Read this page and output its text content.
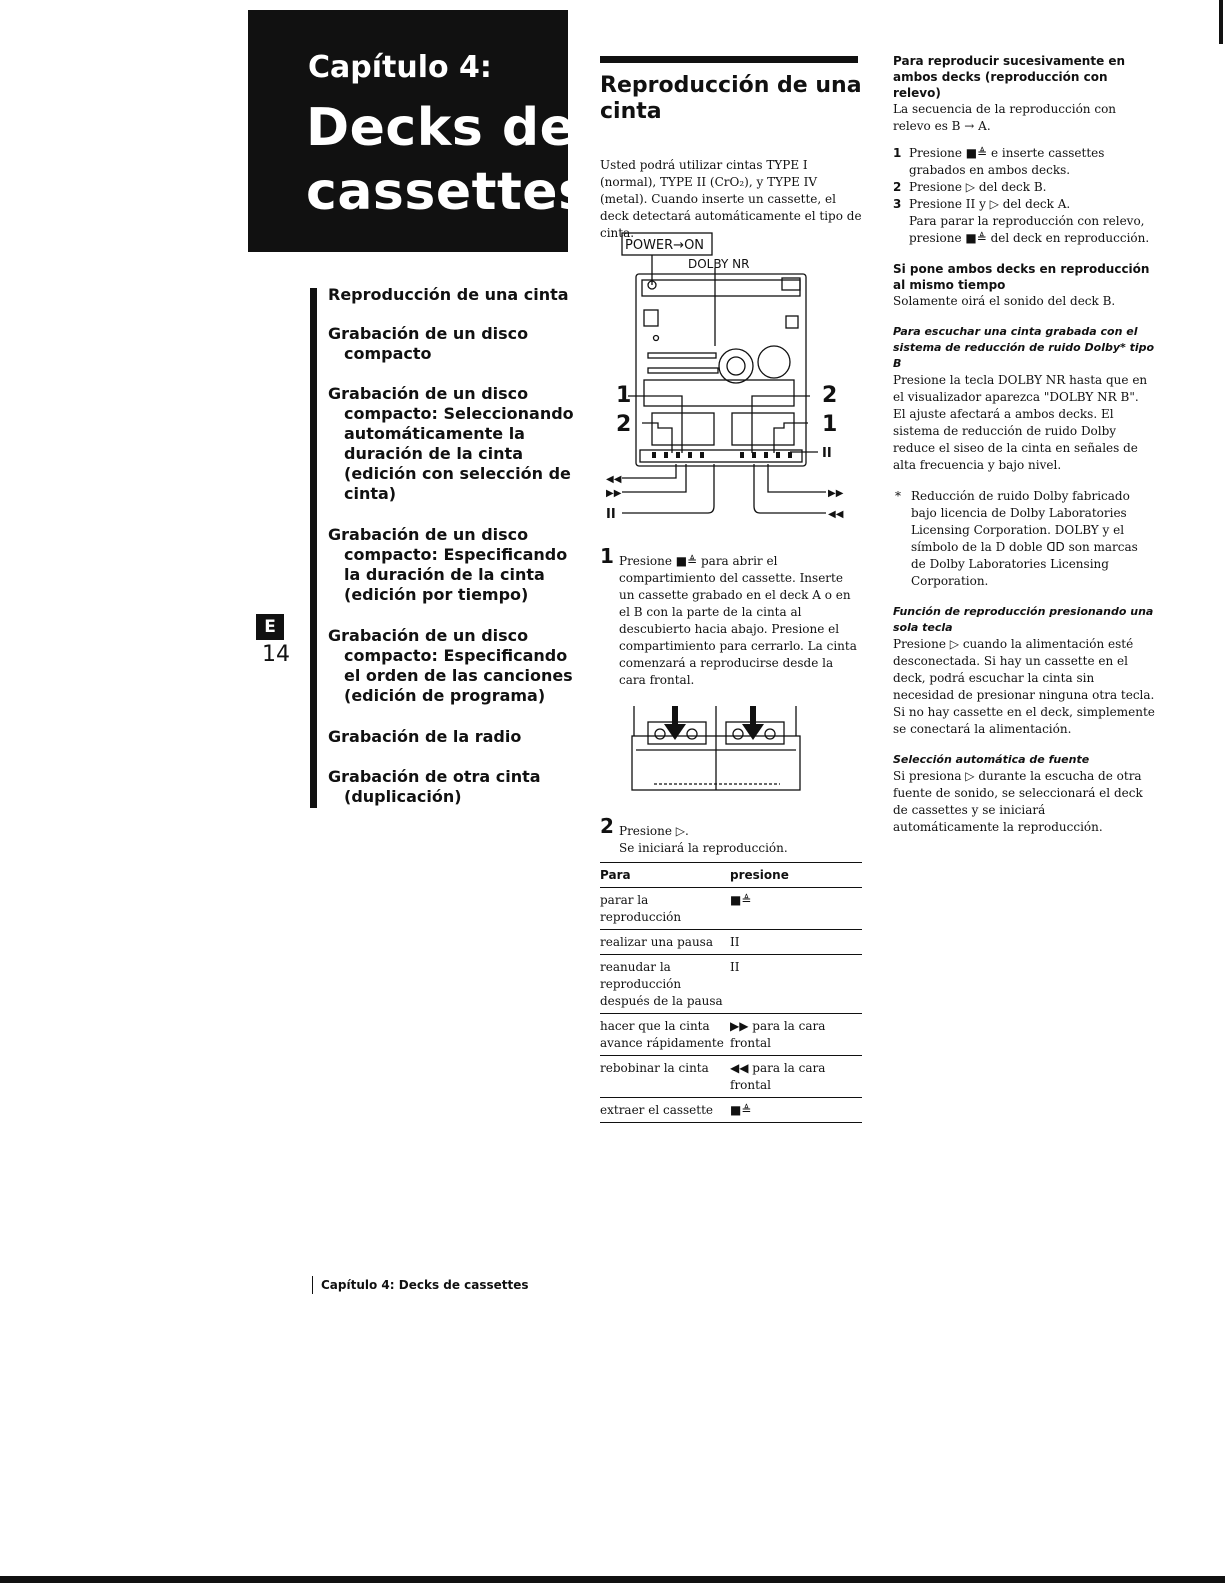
Capítulo 4:
Decks de
cassettes
Reproducción de una cinta
Grabación de un disco
compacto
Grabación de un disco
compacto: Seleccionando automáticamente la duración de la cinta (edición con selección de cinta)
Grabación de un disco
compacto: Especificando la duración de la cinta (edición por tiempo)
Grabación de un disco
compacto: Especificando el orden de las canciones (edición de programa)
Grabación de la radio
Grabación de otra cinta
(duplicación)
E
14
Capítulo 4: Decks de cassettes
Reproducción de una cinta
Usted podrá utilizar cintas TYPE I (normal), TYPE II (CrO₂), y TYPE IV (metal). Cuando inserte un cassette, el deck detectará automáticamente el tipo de cinta.
POWER→ON
DOLBY NR
1
2
2
1
II
◀◀
▶▶
II
▶▶
◀◀
1 Presione ■≜ para abrir el compartimiento del cassette. Inserte un cassette grabado en el deck A o en el B con la parte de la cinta al descubierto hacia abajo. Presione el compartimiento para cerrarlo. La cinta comenzará a reproducirse desde la cara frontal.
2 Presione ▷.
Se iniciará la reproducción.
Para	presione
parar la reproducción	■≜
realizar una pausa	II
reanudar la reproducción después de la pausa	II
hacer que la cinta avance rápidamente	▶▶ para la cara frontal
rebobinar la cinta	◀◀ para la cara frontal
extraer el cassette	■≜
Para reproducir sucesivamente en ambos decks (reproducción con relevo)
La secuencia de la reproducción con relevo es B → A.
1 Presione ■≜ e inserte cassettes grabados en ambos decks.
2 Presione ▷ del deck B.
3 Presione II y ▷ del deck A.
Para parar la reproducción con relevo, presione ■≜ del deck en reproducción.
Si pone ambos decks en reproducción al mismo tiempo
Solamente oirá el sonido del deck B.
Para escuchar una cinta grabada con el sistema de reducción de ruido Dolby* tipo B
Presione la tecla DOLBY NR hasta que en el visualizador aparezca "DOLBY NR B". El ajuste afectará a ambos decks. El sistema de reducción de ruido Dolby reduce el siseo de la cinta en señales de alta frecuencia y bajo nivel.
* Reducción de ruido Dolby fabricado bajo licencia de Dolby Laboratories Licensing Corporation. DOLBY y el símbolo de la D doble ᗡᗞ son marcas de Dolby Laboratories Licensing Corporation.
Función de reproducción presionando una sola tecla
Presione ▷ cuando la alimentación esté desconectada. Si hay un cassette en el deck, podrá escuchar la cinta sin necesidad de presionar ninguna otra tecla. Si no hay cassette en el deck, simplemente se conectará la alimentación.
Selección automática de fuente
Si presiona ▷ durante la escucha de otra fuente de sonido, se seleccionará el deck de cassettes y se iniciará automáticamente la reproducción.
